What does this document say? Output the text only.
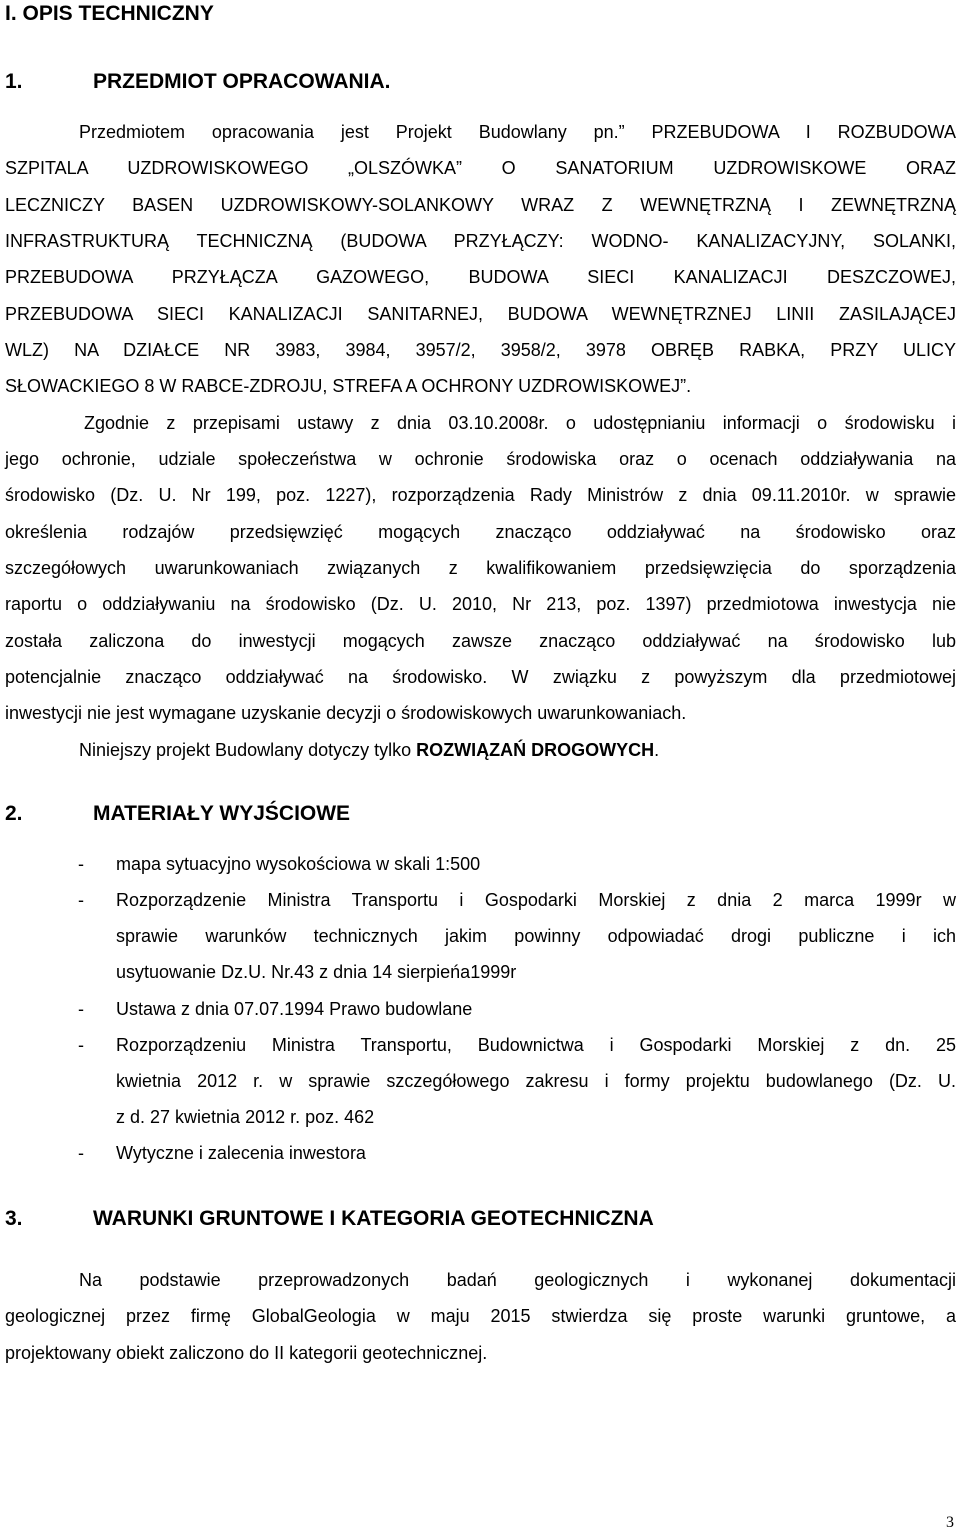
I. OPIS TECHNICZNY
1.	PRZEDMIOT OPRACOWANIA.
Przedmiotem opracowania jest Projekt Budowlany pn.” PRZEBUDOWA I ROZBUDOWA
SZPITALA UZDROWISKOWEGO „OLSZÓWKA” O SANATORIUM UZDROWISKOWE ORAZ
LECZNICZY BASEN UZDROWISKOWY-SOLANKOWY WRAZ Z WEWNĘTRZNĄ I ZEWNĘTRZNĄ
INFRASTRUKTURĄ TECHNICZNĄ (BUDOWA PRZYŁĄCZY: WODNO- KANALIZACYJNY, SOLANKI,
PRZEBUDOWA PRZYŁĄCZA GAZOWEGO, BUDOWA SIECI KANALIZACJI DESZCZOWEJ,
PRZEBUDOWA SIECI KANALIZACJI SANITARNEJ, BUDOWA WEWNĘTRZNEJ LINII ZASILAJĄCEJ
WLZ) NA DZIAŁCE NR 3983, 3984, 3957/2, 3958/2, 3978 OBRĘB RABKA, PRZY ULICY
SŁOWACKIEGO 8 W RABCE-ZDROJU, STREFA A OCHRONY UZDROWISKOWEJ”.
Zgodnie z przepisami ustawy z dnia 03.10.2008r. o udostępnianiu informacji o środowisku i
jego ochronie, udziale społeczeństwa w ochronie środowiska oraz o ocenach oddziaływania na
środowisko (Dz. U. Nr 199, poz. 1227), rozporządzenia Rady Ministrów z dnia 09.11.2010r. w sprawie
określenia rodzajów przedsięwzięć mogących znacząco oddziaływać na środowisko oraz
szczegółowych uwarunkowaniach związanych z kwalifikowaniem przedsięwzięcia do sporządzenia
raportu o oddziaływaniu na środowisko (Dz. U. 2010, Nr 213, poz. 1397) przedmiotowa inwestycja nie
została zaliczona do inwestycji mogących zawsze znacząco oddziaływać na środowisko lub
potencjalnie znacząco oddziaływać na środowisko. W związku z powyższym dla przedmiotowej
inwestycji nie jest wymagane uzyskanie decyzji o środowiskowych uwarunkowaniach.
Niniejszy projekt Budowlany dotyczy tylko ROZWIĄZAŃ DROGOWYCH.
2.	MATERIAŁY WYJŚCIOWE
- mapa sytuacyjno wysokościowa w skali 1:500
- Rozporządzenie Ministra Transportu i Gospodarki Morskiej z dnia 2 marca 1999r w
sprawie warunków technicznych jakim powinny odpowiadać drogi publiczne i ich
usytuowanie Dz.U. Nr.43 z dnia 14 sierpieńa1999r
- Ustawa z dnia 07.07.1994 Prawo budowlane
- Rozporządzeniu Ministra Transportu, Budownictwa i Gospodarki Morskiej z dn. 25
kwietnia 2012 r. w sprawie szczegółowego zakresu i formy projektu budowlanego (Dz. U.
z d. 27 kwietnia 2012 r. poz. 462
- Wytyczne i zalecenia inwestora
3.	WARUNKI GRUNTOWE I KATEGORIA GEOTECHNICZNA
Na podstawie przeprowadzonych badań geologicznych i wykonanej dokumentacji
geologicznej przez firmę GlobalGeologia w maju 2015 stwierdza się proste warunki gruntowe, a
projektowany obiekt zaliczono do II kategorii geotechnicznej.
3
